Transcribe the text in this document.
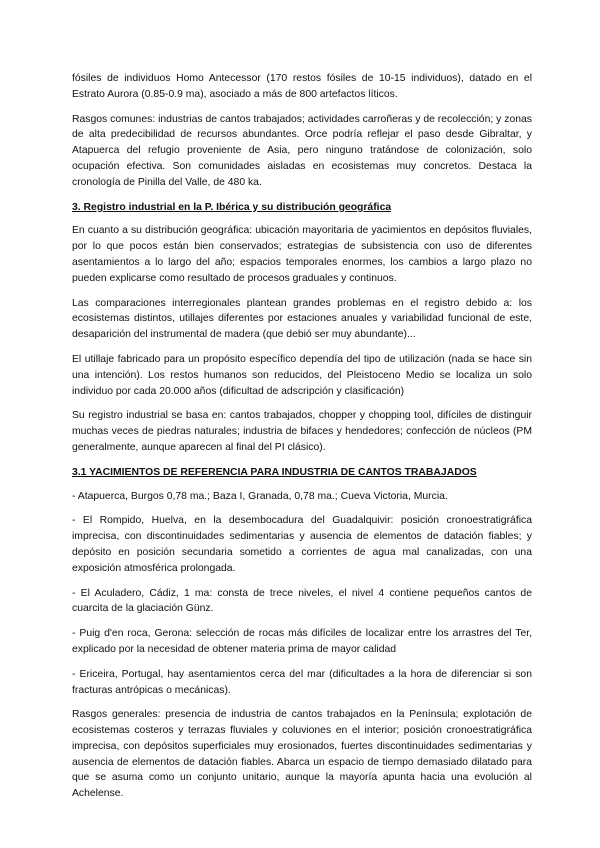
fósiles de individuos Homo Antecessor (170 restos fósiles de 10-15 individuos), datado en el Estrato Aurora (0.85-0.9 ma), asociado a más de 800 artefactos líticos.

Rasgos comunes: industrias de cantos trabajados; actividades carroñeras y de recolección; y zonas de alta predecibilidad de recursos abundantes. Orce podría reflejar el paso desde Gibraltar, y Atapuerca del refugio proveniente de Asia, pero ninguno tratándose de colonización, solo ocupación efectiva. Son comunidades aisladas en ecosistemas muy concretos. Destaca la cronología de Pinilla del Valle, de 480 ka.

3. Registro industrial en la P. Ibérica y su distribución geográfica

En cuanto a su distribución geográfica: ubicación mayoritaria de yacimientos en depósitos fluviales, por lo que pocos están bien conservados; estrategias de subsistencia con uso de diferentes asentamientos a lo largo del año; espacios temporales enormes, los cambios a largo plazo no pueden explicarse como resultado de procesos graduales y continuos.

Las comparaciones interregionales plantean grandes problemas en el registro debido a: los ecosistemas distintos, utillajes diferentes por estaciones anuales y variabilidad funcional de este, desaparición del instrumental de madera (que debió ser muy abundante)...

El utillaje fabricado para un propósito específico dependía del tipo de utilización (nada se hace sin una intención). Los restos humanos son reducidos, del Pleistoceno Medio se localiza un solo individuo por cada 20.000 años (dificultad de adscripción y clasificación)

Su registro industrial se basa en: cantos trabajados, chopper y chopping tool, difíciles de distinguir muchas veces de piedras naturales; industria de bifaces y hendedores; confección de núcleos (PM generalmente, aunque aparecen al final del PI clásico).

3.1 YACIMIENTOS DE REFERENCIA PARA INDUSTRIA DE CANTOS TRABAJADOS

- Atapuerca, Burgos 0,78 ma.; Baza I, Granada, 0,78 ma.; Cueva Victoria, Murcia.

- El Rompido, Huelva, en la desembocadura del Guadalquivir: posición cronoestratigráfica imprecisa, con discontinuidades sedimentarias y ausencia de elementos de datación fiables; y depósito en posición secundaria sometido a corrientes de agua mal canalizadas, con una exposición atmosférica prolongada.

- El Aculadero, Cádiz, 1 ma: consta de trece niveles, el nivel 4 contiene pequeños cantos de cuarcita de la glaciación Günz.

- Puig d'en roca, Gerona: selección de rocas más difíciles de localizar entre los arrastres del Ter, explicado por la necesidad de obtener materia prima de mayor calidad

- Ericeira, Portugal, hay asentamientos cerca del mar (dificultades a la hora de diferenciar si son fracturas antrópicas o mecánicas).

Rasgos generales: presencia de industria de cantos trabajados en la Península; explotación de ecosistemas costeros y terrazas fluviales y coluviones en el interior; posición cronoestratigráfica imprecisa, con depósitos superficiales muy erosionados, fuertes discontinuidades sedimentarias y ausencia de elementos de datación fiables. Abarca un espacio de tiempo demasiado dilatado para que se asuma como un conjunto unitario, aunque la mayoría apunta hacia una evolución al Achelense.
